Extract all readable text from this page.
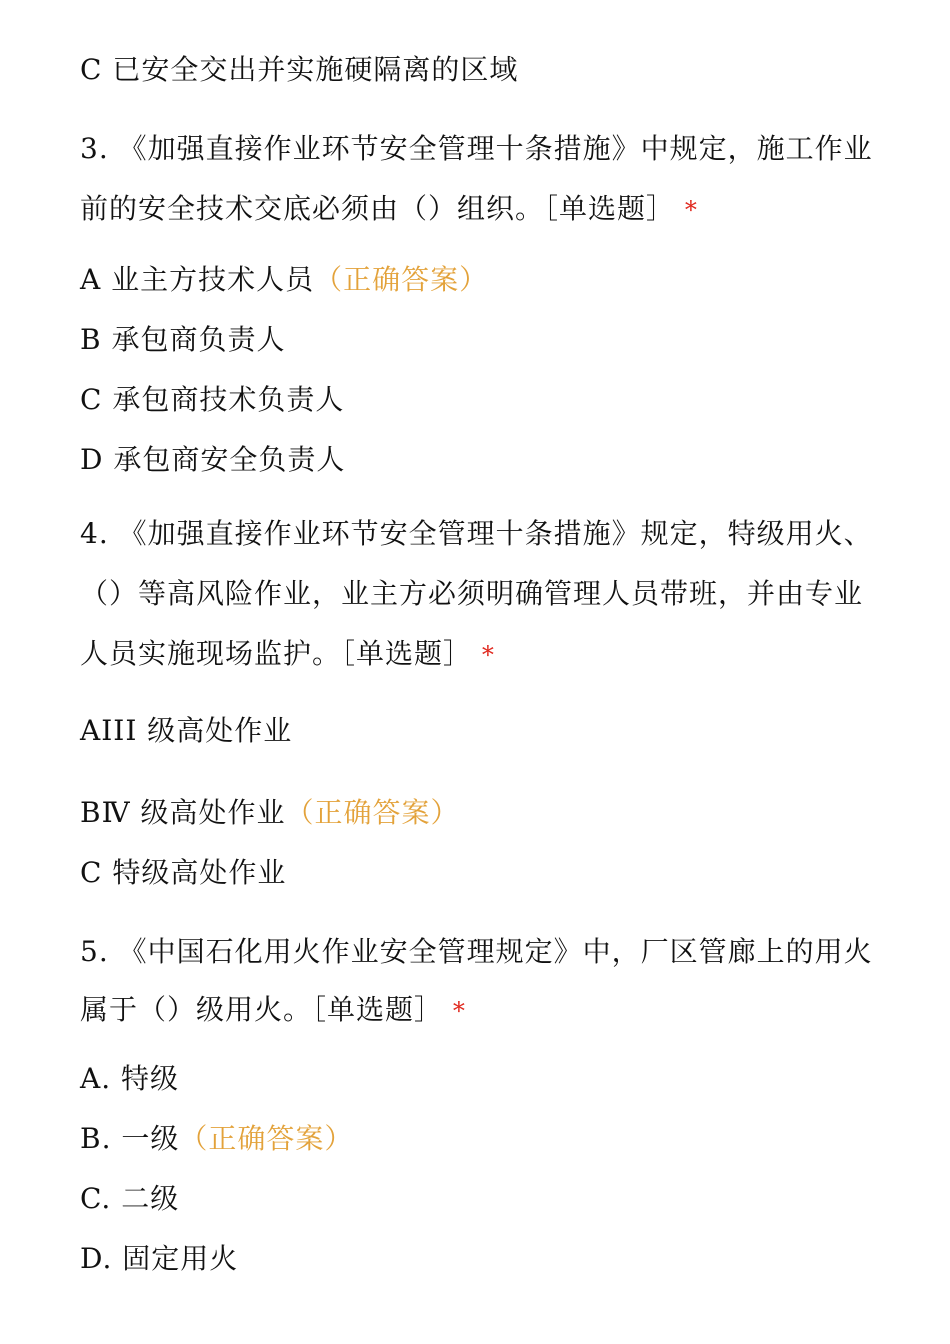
C 已安全交出并实施硬隔离的区域
3. 《加强直接作业环节安全管理十条措施》中规定，施工作业
前的安全技术交底必须由（）组织。［单选题］ *
A 业主方技术人员（正确答案）
B 承包商负责人
C 承包商技术负责人
D 承包商安全负责人
4. 《加强直接作业环节安全管理十条措施》规定，特级用火、
（）等高风险作业，业主方必须明确管理人员带班，并由专业
人员实施现场监护。［单选题］ *
AIII 级高处作业
BⅣ 级高处作业（正确答案）
C 特级高处作业
5. 《中国石化用火作业安全管理规定》中，厂区管廊上的用火
属于（）级用火。［单选题］ *
A. 特级
B. 一级（正确答案）
C. 二级
D. 固定用火
